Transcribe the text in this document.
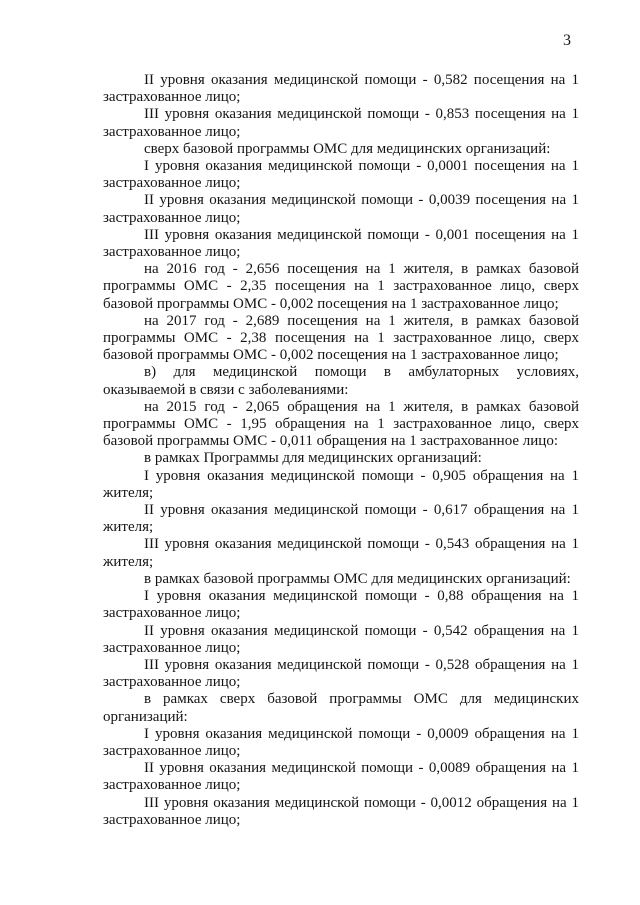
3

II уровня оказания медицинской помощи - 0,582 посещения на 1 застрахованное лицо;

III уровня оказания медицинской помощи - 0,853 посещения на 1 застрахованное лицо;

сверх базовой программы ОМС для медицинских организаций:

I уровня оказания медицинской помощи - 0,0001 посещения на 1 застрахованное лицо;

II уровня оказания медицинской помощи - 0,0039 посещения на 1 застрахованное лицо;

III уровня оказания медицинской помощи - 0,001 посещения на 1 застрахованное лицо;

на 2016 год - 2,656 посещения на 1 жителя, в рамках базовой программы ОМС - 2,35 посещения на 1 застрахованное лицо, сверх базовой программы ОМС - 0,002 посещения на 1 застрахованное лицо;

на 2017 год - 2,689 посещения на 1 жителя, в рамках базовой программы ОМС - 2,38 посещения на 1 застрахованное лицо, сверх базовой программы ОМС - 0,002 посещения на 1 застрахованное лицо;

в) для медицинской помощи в амбулаторных условиях, оказываемой в связи с заболеваниями:

на 2015 год - 2,065 обращения на 1 жителя, в рамках базовой программы ОМС - 1,95 обращения на 1 застрахованное лицо, сверх базовой программы ОМС - 0,011 обращения на 1 застрахованное лицо:

в рамках Программы для медицинских организаций:

I уровня оказания медицинской помощи - 0,905 обращения на 1 жителя;

II уровня оказания медицинской помощи - 0,617 обращения на 1 жителя;

III уровня оказания медицинской помощи - 0,543 обращения на 1 жителя;

в рамках базовой программы ОМС для медицинских организаций:

I уровня оказания медицинской помощи - 0,88 обращения на 1 застрахованное лицо;

II уровня оказания медицинской помощи - 0,542 обращения на 1 застрахованное лицо;

III уровня оказания медицинской помощи - 0,528 обращения на 1 застрахованное лицо;

в рамках сверх базовой программы ОМС для медицинских организаций:

I уровня оказания медицинской помощи - 0,0009 обращения на 1 застрахованное лицо;

II уровня оказания медицинской помощи - 0,0089 обращения на 1 застрахованное лицо;

III уровня оказания медицинской помощи - 0,0012 обращения на 1 застрахованное лицо;
